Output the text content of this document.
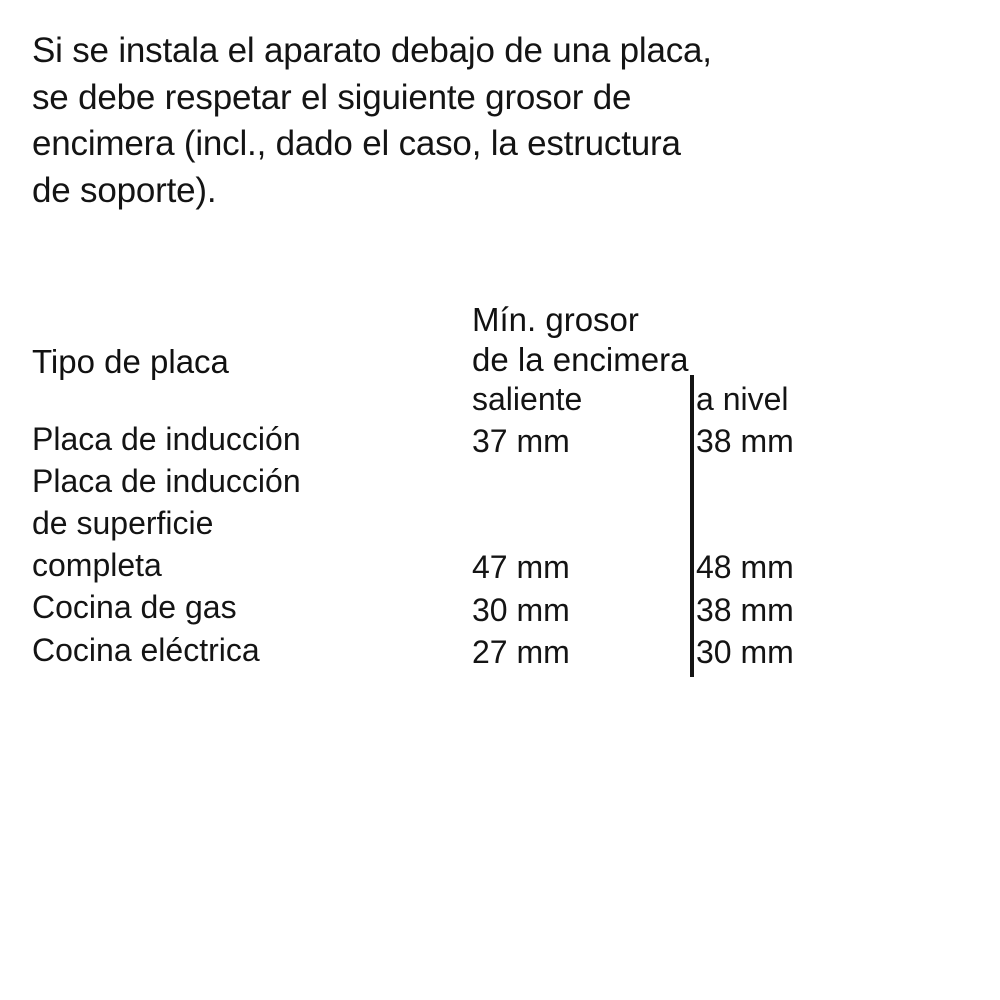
Si se instala el aparato debajo de una placa,
se debe respetar el siguiente grosor de
encimera (incl., dado el caso, la estructura
de soporte).
Tipo de placa	Mín. grosor
de la encimera	

	saliente	a nivel

Placa de inducción	37 mm	38 mm

Placa de inducción
de superficie
completa	47 mm	48 mm

Cocina de gas	30 mm	38 mm

Cocina eléctrica	27 mm	30 mm
